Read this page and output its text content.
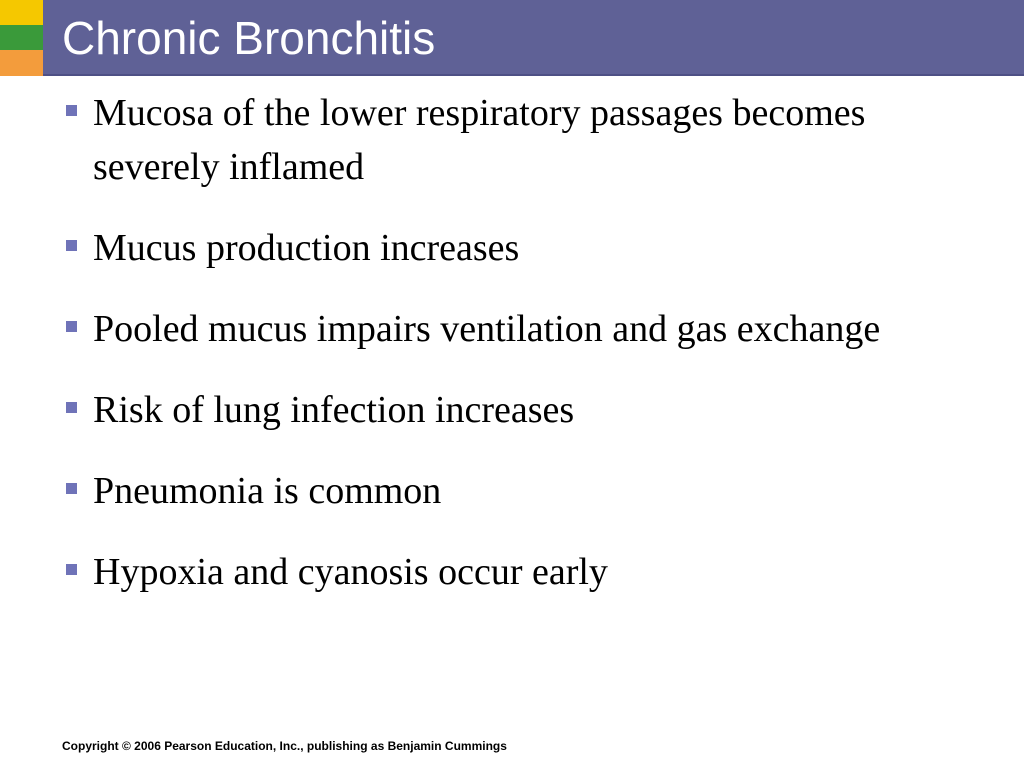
Chronic Bronchitis
Mucosa of the lower respiratory passages becomes severely inflamed
Mucus production increases
Pooled mucus impairs ventilation and gas exchange
Risk of lung infection increases
Pneumonia is common
Hypoxia and cyanosis occur early
Copyright © 2006 Pearson Education, Inc., publishing as Benjamin Cummings
